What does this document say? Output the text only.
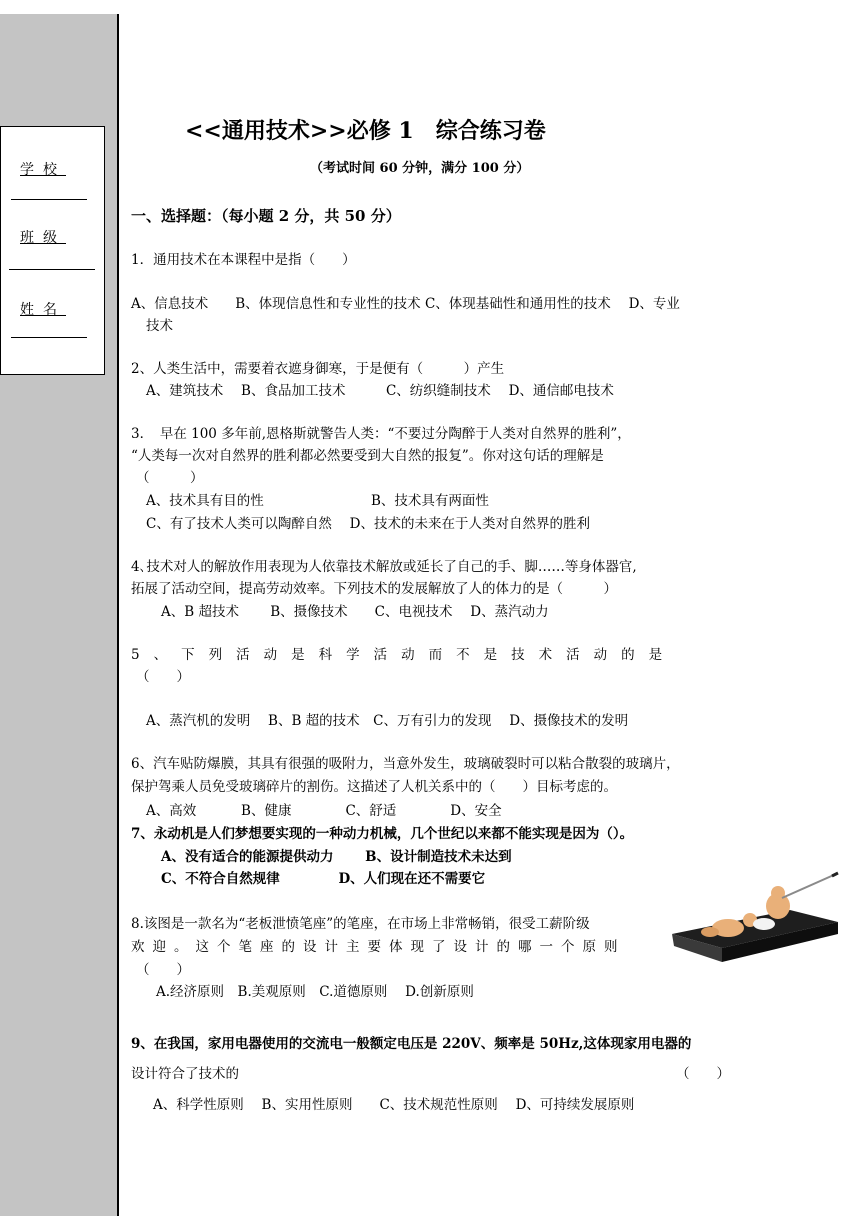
学校
班级
姓名
<<通用技术>>必修 1　综合练习卷
（考试时间 60 分钟，满分 100 分）
一、选择题：（每小题 2 分，共 50 分）
1．通用技术在本课程中是指（　　）
A、信息技术　　B、体现信息性和专业性的技术 C、体现基础性和通用性的技术　 D、专业
技术
2、人类生活中，需要着衣遮身御寒，于是便有（　　　）产生
A、建筑技术　 B、食品加工技术　　　C、纺织缝制技术　 D、通信邮电技术
3．　早在 100 多年前,恩格斯就警告人类：“不要过分陶醉于人类对自然界的胜利”，
“人类每一次对自然界的胜利都必然要受到大自然的报复”。你对这句话的理解是
（　　　）
A、技术具有目的性	B、技术具有两面性
C、有了技术人类可以陶醉自然　 D、技术的未来在于人类对自然界的胜利
4､技术对人的解放作用表现为人依靠技术解放或延长了自己的手、脚……等身体器官,
拓展了活动空间，提高劳动效率。下列技术的发展解放了人的体力的是（　　　）
A、B 超技术　　 B、摄像技术　　C、电视技术　 D、蒸汽动力
5、下列活动是科学活动而不是技术活动的是
（　　）
A、蒸汽机的发明　 B、B 超的技术　C、万有引力的发现　 D、摄像技术的发明
6、汽车贴防爆膜，其具有很强的吸附力，当意外发生，玻璃破裂时可以粘合散裂的玻璃片，
保护驾乘人员免受玻璃碎片的割伤。这描述了人机关系中的（　　）目标考虑的。
A、高效　　　 B、健康　　　　C、舒适　　　　D、安全
7、永动机是人们梦想要实现的一种动力机械，几个世纪以来都不能实现是因为（）。
A、没有适合的能源提供动力　　 B、设计制造技术未达到
C、不符合自然规律　　　　 D、人们现在还不需要它
8.该图是一款名为“老板泄愤笔座”的笔座，在市场上非常畅销，很受工薪阶级
欢迎。这个笔座的设计主要体现了设计的哪一个原则
（　　）
A.经济原则　B.美观原则　C.道德原则　 D.创新原则
9、在我国，家用电器使用的交流电一般额定电压是 220V、频率是 50Hz,这体现家用电器的
设计符合了技术的	（　　）
A、科学性原则　 B、实用性原则　　C、技术规范性原则　 D、可持续发展原则
